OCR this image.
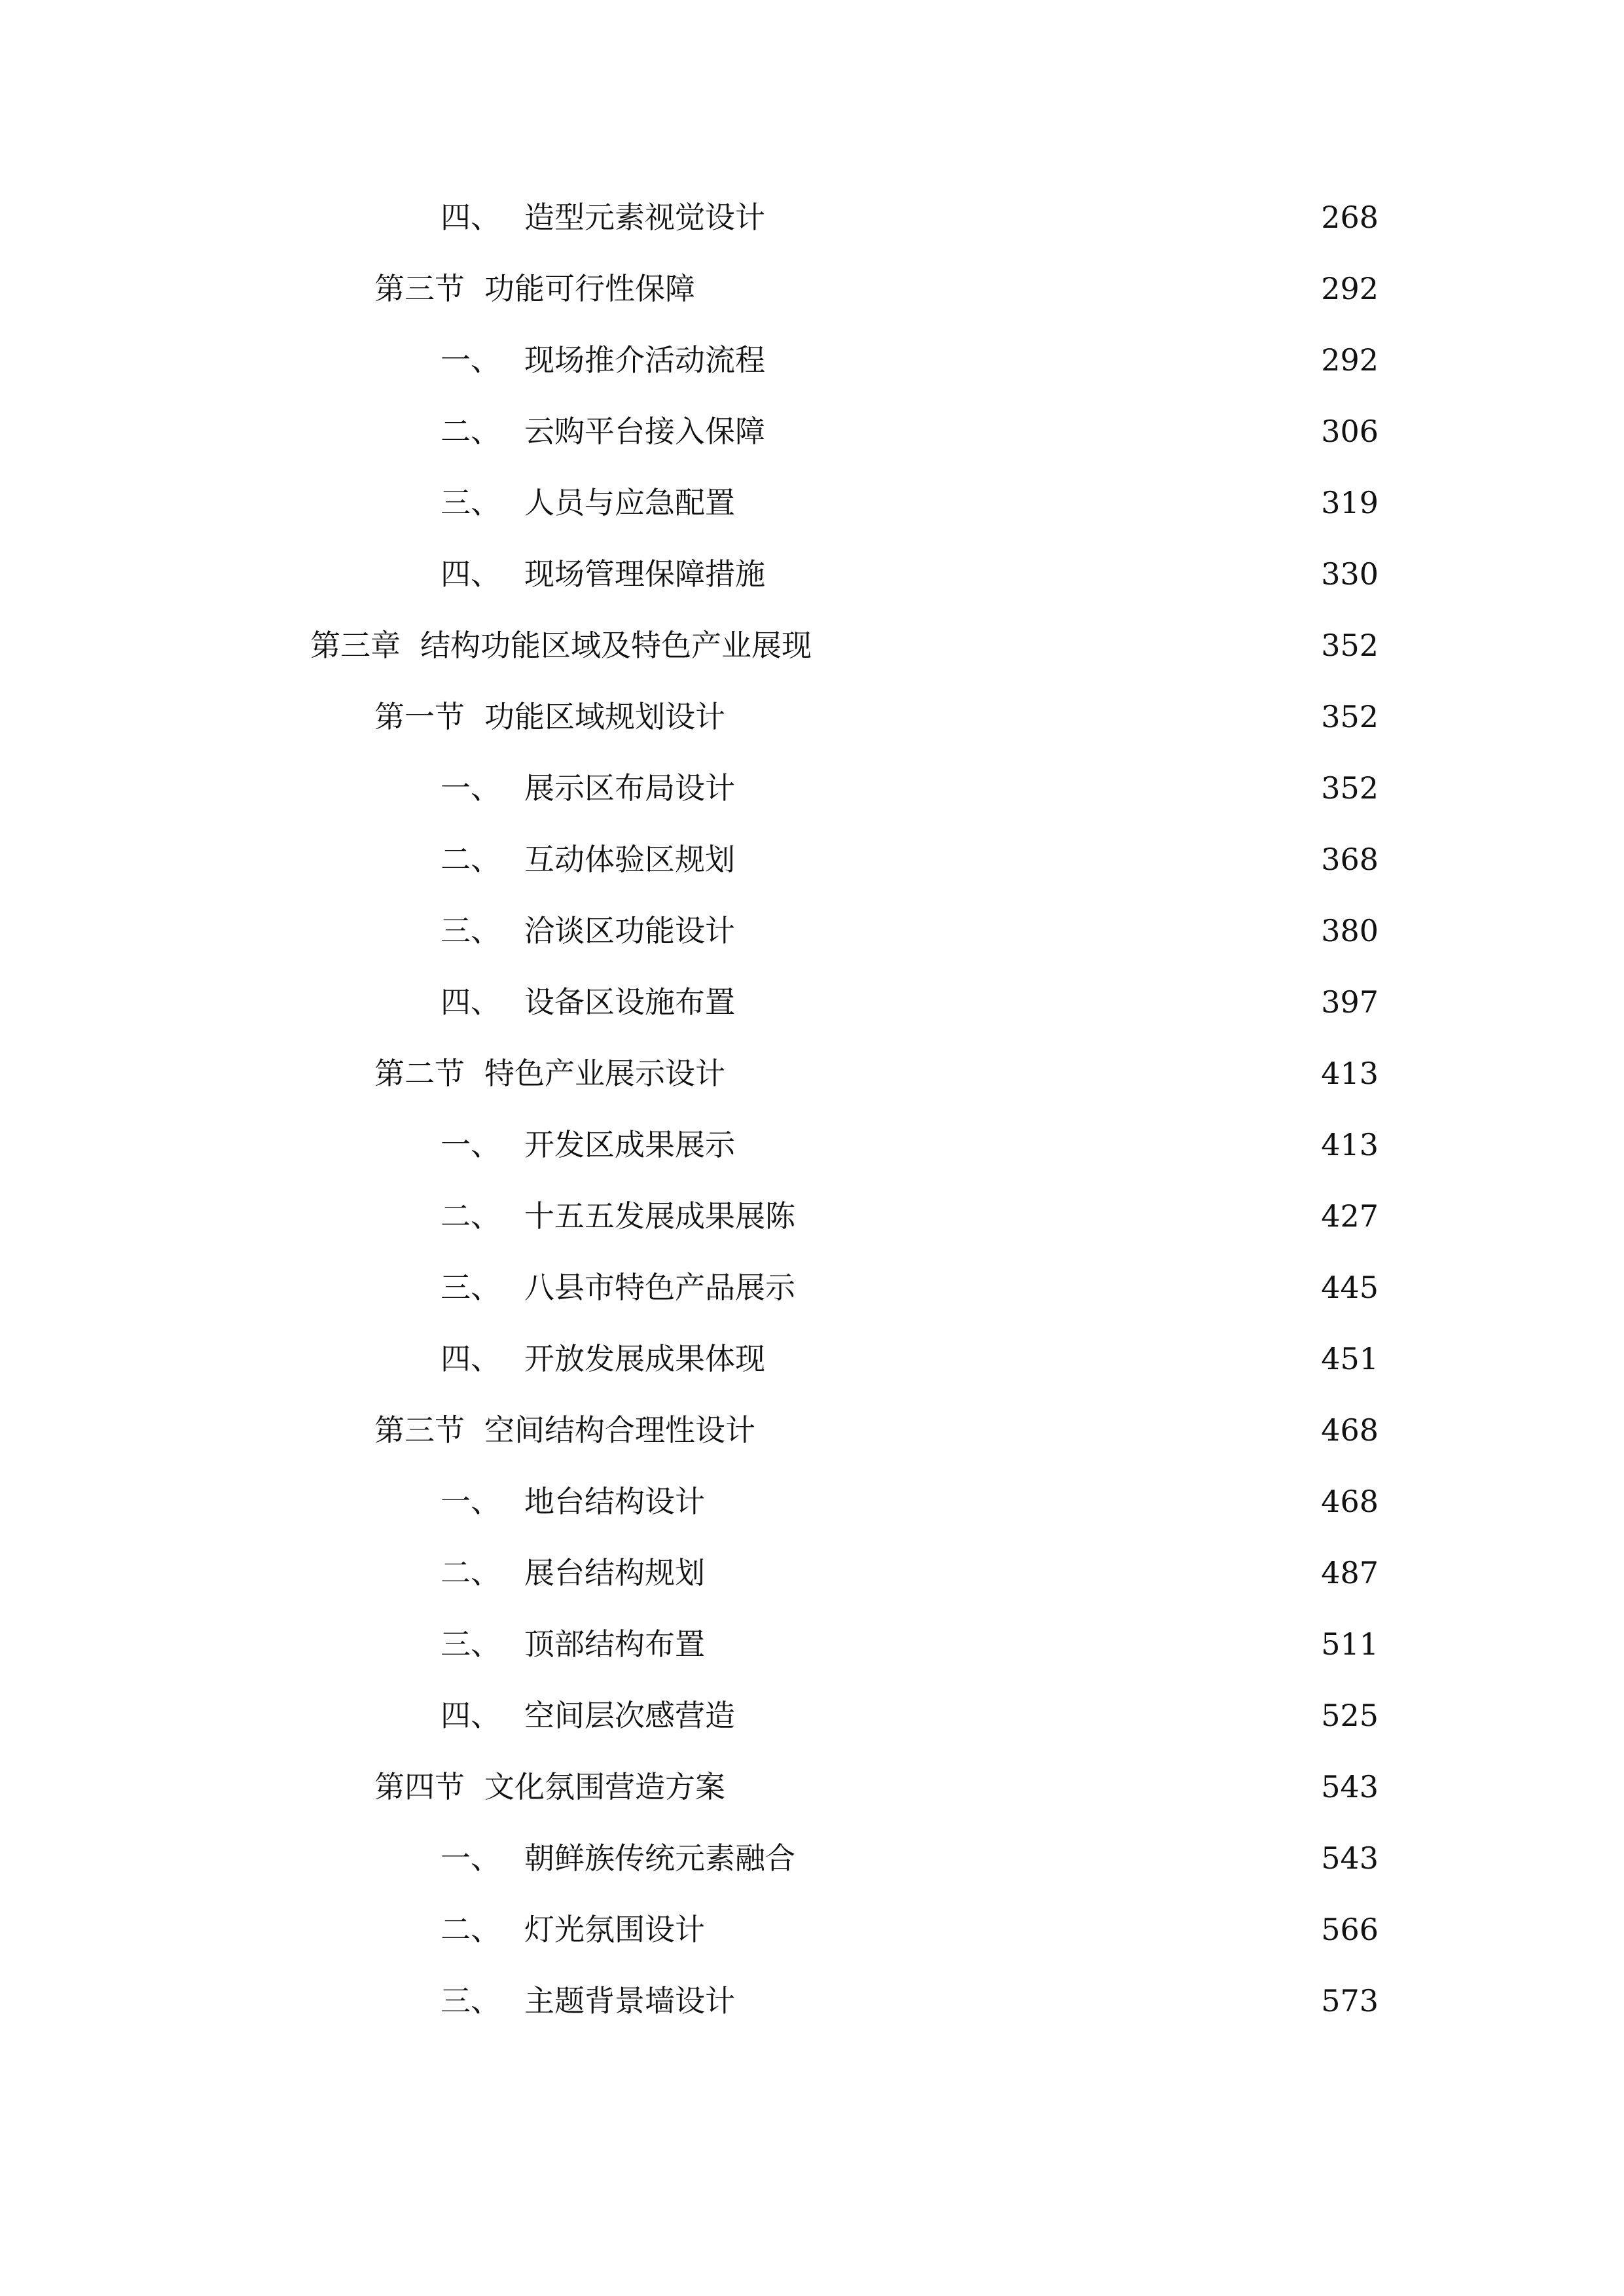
四、 造型元素视觉设计	268
第三节 功能可行性保障	292
一、 现场推介活动流程	292
二、 云购平台接入保障	306
三、 人员与应急配置	319
四、 现场管理保障措施	330
第三章 结构功能区域及特色产业展现	352
第一节 功能区域规划设计	352
一、 展示区布局设计	352
二、 互动体验区规划	368
三、 洽谈区功能设计	380
四、 设备区设施布置	397
第二节 特色产业展示设计	413
一、 开发区成果展示	413
二、 十五五发展成果展陈	427
三、 八县市特色产品展示	445
四、 开放发展成果体现	451
第三节 空间结构合理性设计	468
一、 地台结构设计	468
二、 展台结构规划	487
三、 顶部结构布置	511
四、 空间层次感营造	525
第四节 文化氛围营造方案	543
一、 朝鲜族传统元素融合	543
二、 灯光氛围设计	566
三、 主题背景墙设计	573
